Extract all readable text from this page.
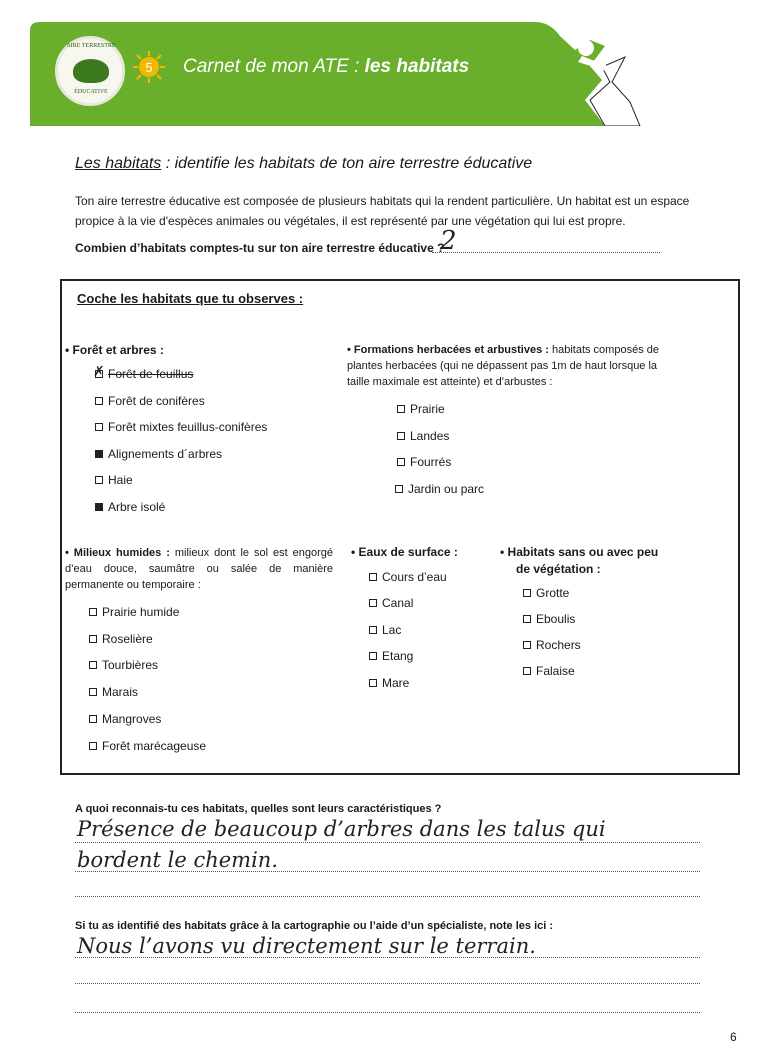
AIRE TERRESTRE
ÉDUCATIVE
5 Carnet de mon ATE : les habitats
Les habitats : identifie les habitats de ton aire terrestre éducative
Ton aire terrestre éducative est composée de plusieurs habitats qui la rendent particulière. Un habitat est un espace propice à la vie d'espèces animales ou végétales, il est représenté par une végétation qui lui est propre.
Combien d’habitats comptes-tu sur ton aire terrestre éducative ?
2
Coche les habitats que tu observes :
• Forêt et arbres :
✗
Forêt de feuillus
Forêt de conifères
Forêt mixtes feuillus-conifères
Alignements d´arbres
Haie
Arbre isolé
• Formations herbacées et arbustives : habitats composés de plantes herbacées (qui ne dépassent pas 1m de haut lorsque la taille maximale est atteinte) et d’arbustes :
Prairie
Landes
Fourrés
Jardin ou parc
• Milieux humides : milieux dont le sol est engorgé d’eau douce, saumâtre ou salée de manière permanente ou temporaire :
Prairie humide
Roselière
Tourbières
Marais
Mangroves
Forêt marécageuse
• Eaux de surface :
Cours d’eau
Canal
Lac
Etang
Mare
• Habitats sans ou avec peu
de végétation :
Grotte
Eboulis
Rochers
Falaise
A quoi reconnais-tu ces habitats, quelles sont leurs caractéristiques ?
Présence de beaucoup d’arbres dans les talus qui
bordent le chemin.
Si tu as identifié des habitats grâce à la cartographie ou l’aide d’un spécialiste, note les ici :
Nous l’avons vu directement sur le terrain.
6
